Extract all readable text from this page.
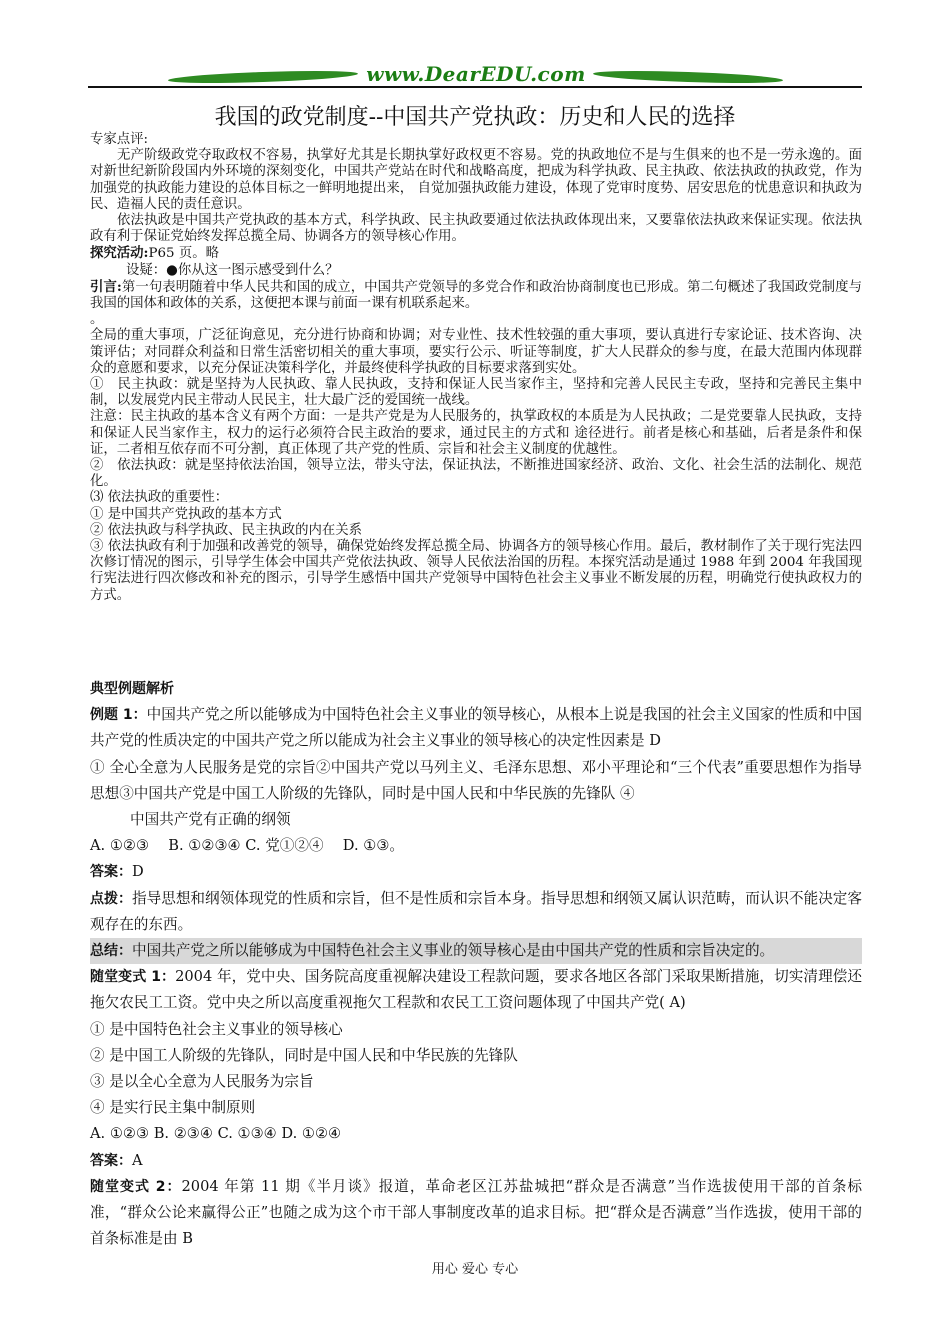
www.DearEDU.com
我国的政党制度--中国共产党执政：历史和人民的选择

专家点评:

无产阶级政党夺取政权不容易，执掌好尤其是长期执掌好政权更不容易。党的执政地位不是与生俱来的也不是一劳永逸的。面对新世纪新阶段国内外环境的深刻变化，中国共产党站在时代和战略高度，把成为科学执政、民主执政、依法执政的执政党，作为加强党的执政能力建设的总体目标之一鲜明地提出来， 自觉加强执政能力建设，体现了党审时度势、居安思危的忧患意识和执政为民、造福人民的责任意识。

依法执政是中国共产党执政的基本方式，科学执政、民主执政要通过依法执政体现出来，又要靠依法执政来保证实现。依法执政有利于保证党始终发挥总揽全局、协调各方的领导核心作用。

探究活动:P65 页。略

设疑：●你从这一图示感受到什么？

引言:第一句表明随着中华人民共和国的成立，中国共产党领导的多党合作和政治协商制度也已形成。第二句概述了我国政党制度与我国的国体和政体的关系，这便把本课与前面一课有机联系起来。

。

全局的重大事项，广泛征询意见，充分进行协商和协调；对专业性、技术性较强的重大事项，要认真进行专家论证、技术咨询、决策评估；对同群众利益和日常生活密切相关的重大事项，要实行公示、听证等制度，扩大人民群众的参与度，在最大范围内体现群众的意愿和要求，以充分保证决策科学化，并最终使科学执政的目标要求落到实处。

①　民主执政：就是坚持为人民执政、靠人民执政，支持和保证人民当家作主，坚持和完善人民民主专政，坚持和完善民主集中制，以发展党内民主带动人民民主，壮大最广泛的爱国统一战线。

注意：民主执政的基本含义有两个方面：一是共产党是为人民服务的，执掌政权的本质是为人民执政；二是党要靠人民执政，支持和保证人民当家作主，权力的运行必须符合民主政治的要求，通过民主的方式和 途径进行。前者是核心和基础，后者是条件和保证，二者相互依存而不可分割，真正体现了共产党的性质、宗旨和社会主义制度的优越性。

②　依法执政：就是坚持依法治国，领导立法，带头守法，保证执法，不断推进国家经济、政治、文化、社会生活的法制化、规范化。

⑶ 依法执政的重要性：

① 是中国共产党执政的基本方式

② 依法执政与科学执政、民主执政的内在关系

③ 依法执政有利于加强和改善党的领导，确保党始终发挥总揽全局、协调各方的领导核心作用。最后，教材制作了关于现行宪法四次修订情况的图示，引导学生体会中国共产党依法执政、领导人民依法治国的历程。本探究活动是通过 1988 年到 2004 年我国现行宪法进行四次修改和补充的图示，引导学生感悟中国共产党领导中国特色社会主义事业不断发展的历程，明确党行使执政权力的方式。

典型例题解析

例题 1：中国共产党之所以能够成为中国特色社会主义事业的领导核心，从根本上说是我国的社会主义国家的性质和中国共产党的性质决定的中国共产党之所以能成为社会主义事业的领导核心的决定性因素是 D

① 全心全意为人民服务是党的宗旨②中国共产党以马列主义、毛泽东思想、邓小平理论和“三个代表”重要思想作为指导思想③中国共产党是中国工人阶级的先锋队，同时是中国人民和中华民族的先锋队 ④

中国共产党有正确的纲领

A. ①②③　 B. ①②③④ C. 党①②④　 D. ①③。

答案：D

点拨：指导思想和纲领体现党的性质和宗旨，但不是性质和宗旨本身。指导思想和纲领又属认识范畴，而认识不能决定客观存在的东西。

总结：中国共产党之所以能够成为中国特色社会主义事业的领导核心是由中国共产党的性质和宗旨决定的。

随堂变式 1：2004 年，党中央、国务院高度重视解决建设工程款问题，要求各地区各部门采取果断措施，切实清理偿还拖欠农民工工资。党中央之所以高度重视拖欠工程款和农民工工资问题体现了中国共产党( A)

① 是中国特色社会主义事业的领导核心

② 是中国工人阶级的先锋队，同时是中国人民和中华民族的先锋队

③ 是以全心全意为人民服务为宗旨

④ 是实行民主集中制原则

A. ①②③ B. ②③④ C. ①③④ D. ①②④

答案：A

随堂变式 2：2004 年第 11 期《半月谈》报道，革命老区江苏盐城把“群众是否满意”当作选拔使用干部的首条标准，“群众公论来赢得公正”也随之成为这个市干部人事制度改革的追求目标。把“群众是否满意”当作选拔，使用干部的首条标准是由 B

用心 爱心 专心
